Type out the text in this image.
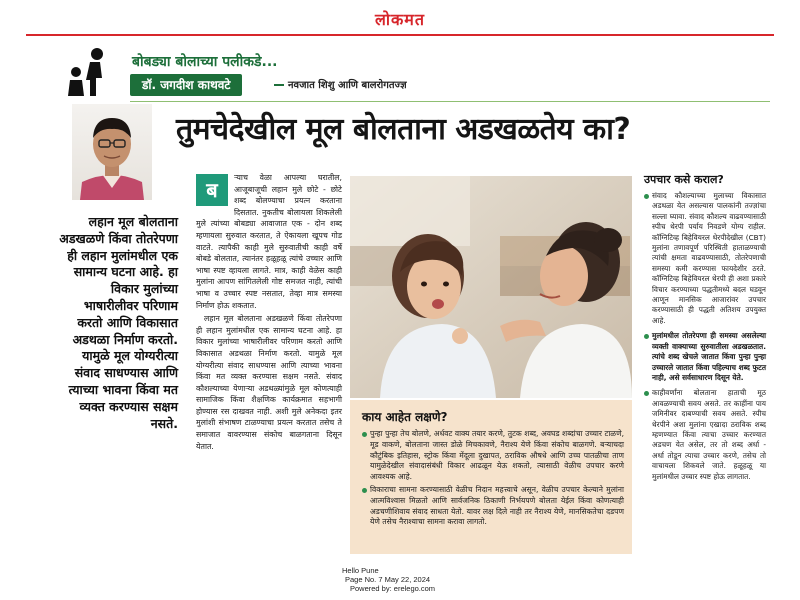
लोकमत
बोबड्या बोलाच्या पलीकडे...
डॉ. जगदीश काथवटे	नवजात शिशु आणि बालरोगतज्ज्ञ
तुमचेदेखील मूल बोलताना अडखळतेय का?
लहान मूल बोलताना अडखळणे किंवा तोतरेपणा ही लहान मुलांमधील एक सामान्य घटना आहे. हा विकार मुलांच्या भाषारीलीवर परिणाम करतो आणि विकासात अडथळा निर्माण करतो. यामुळे मूल योग्यरीत्या संवाद साधण्यास आणि त्याच्या भावना किंवा मत व्यक्त करण्यास सक्षम नसते.
ब

ऱ्याच वेळा आपल्या घरातील, आजूबाजूची लहान मुले छोटे - छोटे शब्द बोलण्याचा प्रयत्न करताना दिसतात. नुकतीच बोलायला शिकलेली मुले त्यांच्या बोबड्या आवाजात एक - दोन शब्द म्हणायला सुरुवात करतात, ते ऐकायला खूपच गोड वाटते. त्यापैकी काही मुले सुरुवातीची काही वर्षे बोबडे बोलतात, त्यानंतर हळूहळू त्यांचे उच्चार आणि भाषा स्पष्ट व्हायला लागते. मात्र, काही वेळेस काही मुलांना आपण सांगितलेली गोष्ट समजत नाही, त्यांची भाषा व उच्चार स्पष्ट नसतात, तेव्हा मात्र समस्या निर्माण होऊ शकतात.

लहान मूल बोलताना अडखळणे किंवा तोतरेपणा ही लहान मुलांमधील एक सामान्य घटना आहे. हा विकार मुलांच्या भाषारीलीवर परिणाम करतो आणि विकासात अडथळा निर्माण करतो. यामुळे मूल योग्यरीत्या संवाद साधण्यास आणि त्याच्या भावना किंवा मत व्यक्त करण्यास सक्षम नसते. संवाद कौशल्याच्या येणाऱ्या अडथळ्यांमुळे मूल कोणत्याही सामाजिक किंवा शैक्षणिक कार्यक्रमात सहभागी होण्यास रस दाखवत नाही. अशी मुले अनेकदा इतर मुलांशी संभाषण टाळण्याचा प्रयत्न करतात तसेच ते समाजात वावरण्यास संकोच बाळगताना दिसून येतात.

काय आहेत लक्षणे?
पुन्हा पुन्हा तेच बोलणे, अर्धवट वाक्य तयार करणे, तुटक शब्द, अवघड शब्दांचा उच्चार टाळणे, मूड वाकणे, बोलताना जास्त डोळे मिचकावणे, नैराश्य येणे किंवा संकोच बाळगणे. बऱ्याचदा कौटुंबिक इतिहास, स्ट्रोक किंवा मेंदूला दुखापत, ठराविक औषधे आणि उच्च पातळीचा ताण यामुळेदेखील संवादासंबंधी विकार आढळून येऊ शकतो, त्यासाठी वेळीच उपचार करणे आवश्यक आहे.
विकाराचा सामना करण्यासाठी वेळीच निदान महत्त्वाचे असून, वेळीच उपचार केल्याने मुलांना आत्मविश्वास मिळतो आणि सार्वजनिक ठिकाणी निर्भयपणे बोलता येईल किंवा कोणत्याही अडचणीशिवाय संवाद साधता येतो. यावर लक्ष दिले नाही तर नैराश्य येणे, मानसिकतेचा दडपण येणे तसेच नैराश्याचा सामना करावा लागतो.
उपचार कसे कराल?
संवाद कौशल्याच्या मुलाच्या विकासात अडथळा येत असल्यास पालकांनी तज्ज्ञांचा सल्ला घ्यावा. संवाद कौशल्य वाढवण्यासाठी स्पीच थेरपी पर्याय निवडणे योग्य राहील. कॉग्निटिव्ह बिहेवियरल थेरपीदेखील (CBT) मुलांना तणावपूर्ण परिस्थिती हाताळण्याची त्यांची क्षमता वाढवण्यासाठी, तोतरेपणाची समस्या कमी करण्यास फायदेशीर ठरते. कॉग्निटिव्ह बिहेवियरल थेरपी ही अशा प्रकारे विचार करण्याच्या पद्धतीमध्ये बदल घडवून आणून मानसिक आजारांवर उपचार करण्यासाठी ही पद्धती अतिशय उपयुक्त आहे.
मुलांमधील तोतरेपणा ही समस्या असलेल्या व्यक्ती वाक्याच्या सुरुवातीला अडखळतात. त्यांचे शब्द खेचले जातात किंवा पुन्हा पुन्हा उच्चारले जातात किंवा पहिल्याच शब्द फुटत नाही, असे सर्वसाधारण दिसून येते.
काहीवर्णांना बोलताना हाताची मूठ आवळण्याची सवय असते. तर काहींना पाय जमिनीवर दाबण्याची सवय असते. स्पीच थेरपीने अशा मुलांना एखादा ठराविक शब्द म्हणण्यात किंवा त्याचा उच्चार करण्यात अडचण येत असेल, तर तो शब्द अर्धा - अर्धा तोडून त्याचा उच्चार करणे, तसेच तो वाचायला शिकवले जाते. हळूहळू या मुलांमधील उच्चार स्पष्ट होऊ लागतात.
Hello Pune
Page No. 7 May 22, 2024
Powered by: erelego.com
